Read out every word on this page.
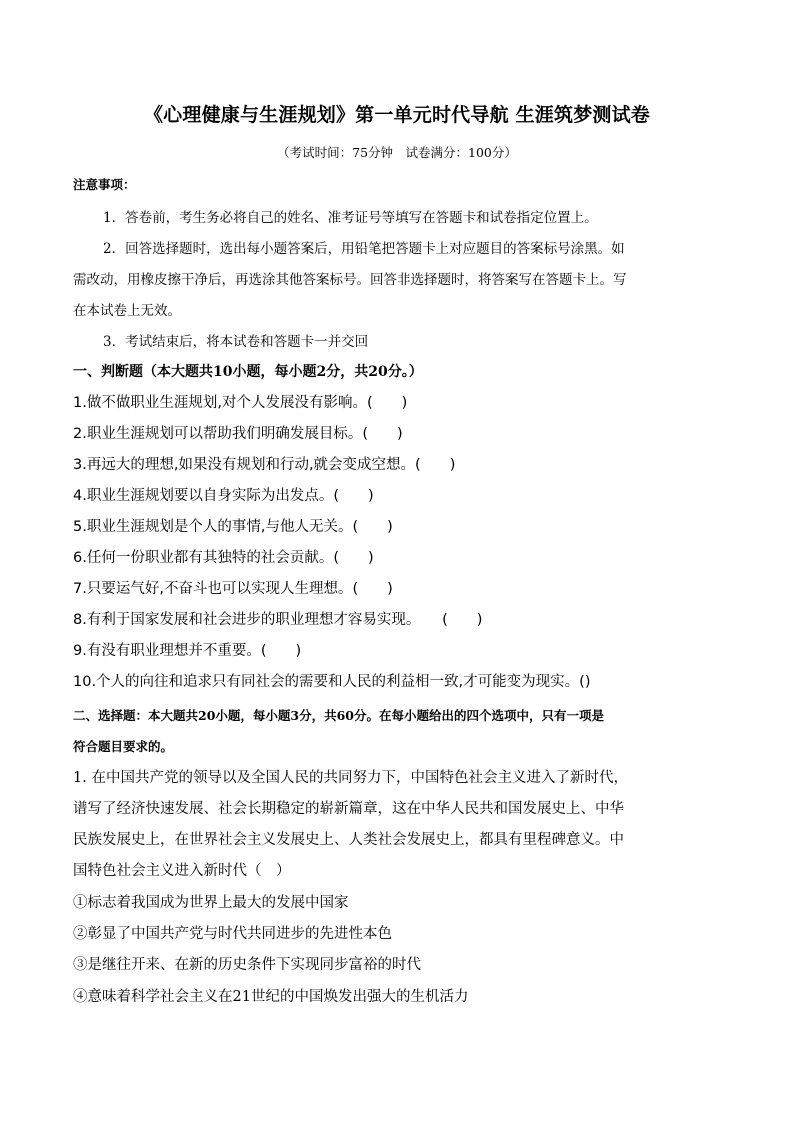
《心理健康与生涯规划》第一单元时代导航 生涯筑梦测试卷
（考试时间：75分钟　试卷满分：100分）
注意事项：
1．答卷前，考生务必将自己的姓名、准考证号等填写在答题卡和试卷指定位置上。
2．回答选择题时，选出每小题答案后，用铅笔把答题卡上对应题目的答案标号涂黑。如
需改动，用橡皮擦干净后，再选涂其他答案标号。回答非选择题时，将答案写在答题卡上。写
在本试卷上无效。
3．考试结束后，将本试卷和答题卡一并交回
一、判断题（本大题共10小题，每小题2分，共20分。）
1.做不做职业生涯规划,对个人发展没有影响。(　　)
2.职业生涯规划可以帮助我们明确发展目标。(　　)
3.再远大的理想,如果没有规划和行动,就会变成空想。(　　)
4.职业生涯规划要以自身实际为出发点。(　　)
5.职业生涯规划是个人的事情,与他人无关。(　　)
6.任何一份职业都有其独特的社会贡献。(　　)
7.只要运气好,不奋斗也可以实现人生理想。(　　)
8.有利于国家发展和社会进步的职业理想才容易实现。　　(　　)
9.有没有职业理想并不重要。(　　)
10.个人的向往和追求只有同社会的需要和人民的利益相一致,才可能变为现实。()
二、选择题：本大题共20小题，每小题3分，共60分。在每小题给出的四个选项中，只有一项是
符合题目要求的。
1. 在中国共产党的领导以及全国人民的共同努力下，中国特色社会主义进入了新时代，
谱写了经济快速发展、社会长期稳定的崭新篇章，这在中华人民共和国发展史上、中华
民族发展史上，在世界社会主义发展史上、人类社会发展史上，都具有里程碑意义。中
国特色社会主义进入新时代（　）
①标志着我国成为世界上最大的发展中国家
②彰显了中国共产党与时代共同进步的先进性本色
③是继往开来、在新的历史条件下实现同步富裕的时代
④意味着科学社会主义在21世纪的中国焕发出强大的生机活力
